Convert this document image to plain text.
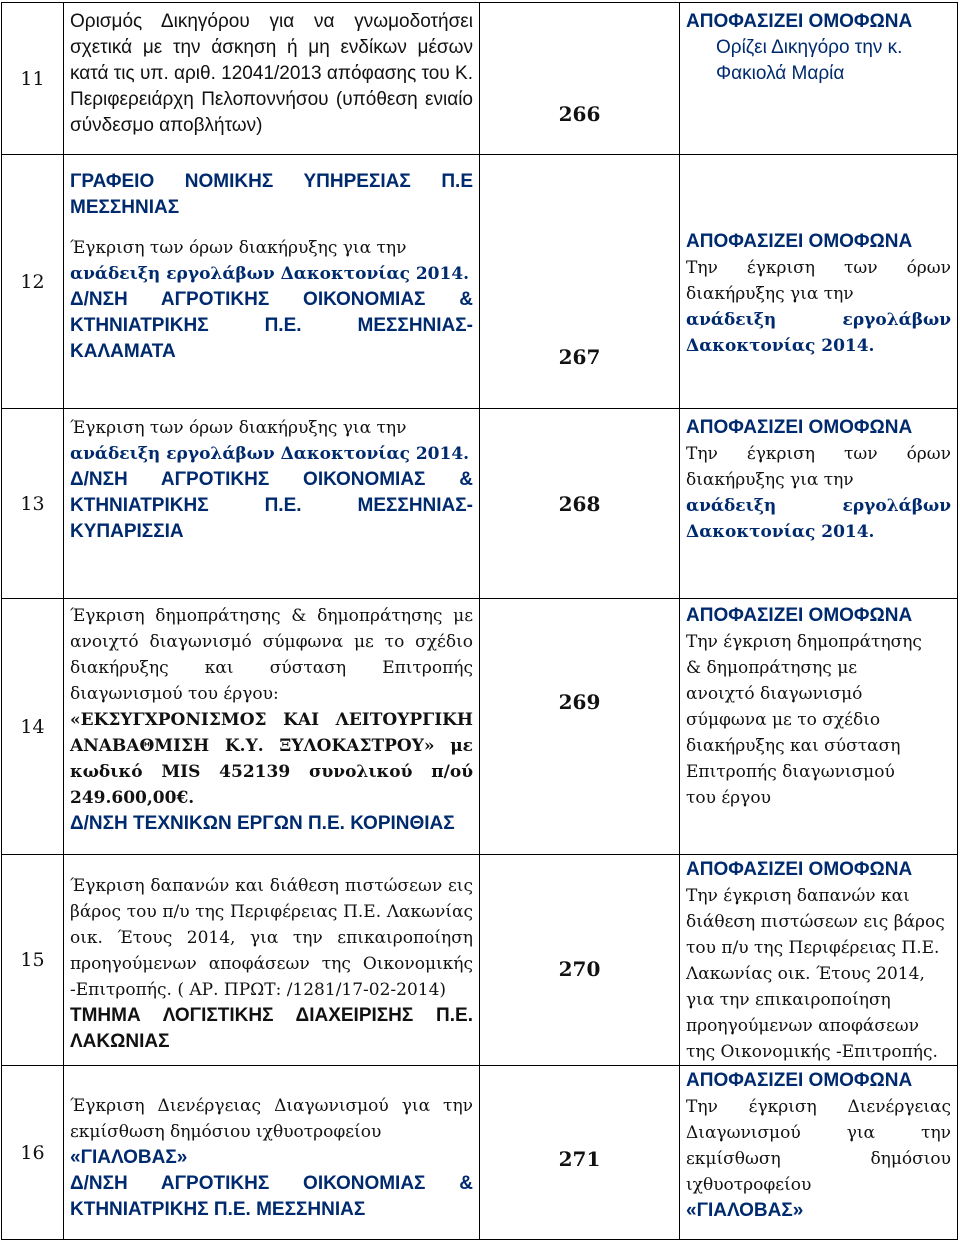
11	Ορισμός Δικηγόρου για να γνωμοδοτήσει σχετικά με την άσκηση ή μη ενδίκων μέσων κατά τις υπ. αριθ. 12041/2013 απόφασης του Κ. Περιφερειάρχη Πελοποννήσου (υπόθεση ενιαίο σύνδεσμο αποβλήτων)	266	ΑΠΟΦΑΣΙΖΕΙ ΟΜΟΦΩΝΑ
Ορίζει Δικηγόρο την κ. Φακιολά Μαρία

12	ΓΡΑΦΕΙΟ ΝΟΜΙΚΗΣ ΥΠΗΡΕΣΙΑΣ Π.Ε ΜΕΣΣΗΝΙΑΣ
Έγκριση των όρων διακήρυξης για την
ανάδειξη εργολάβων Δακοκτονίας 2014.
Δ/ΝΣΗ ΑΓΡΟΤΙΚΗΣ ΟΙΚΟΝΟΜΙΑΣ & ΚΤΗΝΙΑΤΡΙΚΗΣ Π.Ε. ΜΕΣΣΗΝΙΑΣ- ΚΑΛΑΜΑΤΑ	267	ΑΠΟΦΑΣΙΖΕΙ ΟΜΟΦΩΝΑ
Την έγκριση των όρων διακήρυξης για την
ανάδειξη εργολάβων Δακοκτονίας 2014.

13	Έγκριση των όρων διακήρυξης για την
ανάδειξη εργολάβων Δακοκτονίας 2014.
Δ/ΝΣΗ ΑΓΡΟΤΙΚΗΣ ΟΙΚΟΝΟΜΙΑΣ & ΚΤΗΝΙΑΤΡΙΚΗΣ Π.Ε. ΜΕΣΣΗΝΙΑΣ- ΚΥΠΑΡΙΣΣΙΑ	268	ΑΠΟΦΑΣΙΖΕΙ ΟΜΟΦΩΝΑ
Την έγκριση των όρων διακήρυξης για την
ανάδειξη εργολάβων Δακοκτονίας 2014.

14	Έγκριση δημοπράτησης & δημοπράτησης με ανοιχτό διαγωνισμό σύμφωνα με το σχέδιο διακήρυξης και σύσταση Επιτροπής διαγωνισμού του έργου:
«ΕΚΣΥΓΧΡΟΝΙΣΜΟΣ ΚΑΙ ΛΕΙΤΟΥΡΓΙΚΗ ΑΝΑΒΑΘΜΙΣΗ Κ.Υ. ΞΥΛΟΚΑΣΤΡΟΥ» με κωδικό MIS 452139 συνολικού π/ού 249.600,00€.
Δ/ΝΣΗ ΤΕΧΝΙΚΩΝ ΕΡΓΩΝ Π.Ε. ΚΟΡΙΝΘΙΑΣ	269	ΑΠΟΦΑΣΙΖΕΙ ΟΜΟΦΩΝΑ
Την έγκριση δημοπράτησης & δημοπράτησης με ανοιχτό διαγωνισμό σύμφωνα με το σχέδιο διακήρυξης και σύσταση Επιτροπής διαγωνισμού του έργου

15	Έγκριση δαπανών και διάθεση πιστώσεων εις βάρος του π/υ της Περιφέρειας Π.Ε. Λακωνίας οικ. Έτους 2014, για την επικαιροποίηση προηγούμενων αποφάσεων της Οικονομικής -Επιτροπής. ( ΑΡ. ΠΡΩΤ: /1281/17-02-2014)
ΤΜΗΜΑ ΛΟΓΙΣΤΙΚΗΣ ΔΙΑΧΕΙΡΙΣΗΣ Π.Ε. ΛΑΚΩΝΙΑΣ	270	ΑΠΟΦΑΣΙΖΕΙ ΟΜΟΦΩΝΑ
Την έγκριση δαπανών και διάθεση πιστώσεων εις βάρος του π/υ της Περιφέρειας Π.Ε. Λακωνίας οικ. Έτους 2014, για την επικαιροποίηση προηγούμενων αποφάσεων της Οικονομικής -Επιτροπής.

16	Έγκριση Διενέργειας Διαγωνισμού για την εκμίσθωση δημόσιου ιχθυοτροφείου
«ΓΙΑΛΟΒΑΣ»
Δ/ΝΣΗ ΑΓΡΟΤΙΚΗΣ ΟΙΚΟΝΟΜΙΑΣ & ΚΤΗΝΙΑΤΡΙΚΗΣ Π.Ε. ΜΕΣΣΗΝΙΑΣ	271	ΑΠΟΦΑΣΙΖΕΙ ΟΜΟΦΩΝΑ
Την έγκριση Διενέργειας Διαγωνισμού για την εκμίσθωση δημόσιου ιχθυοτροφείου
«ΓΙΑΛΟΒΑΣ»
